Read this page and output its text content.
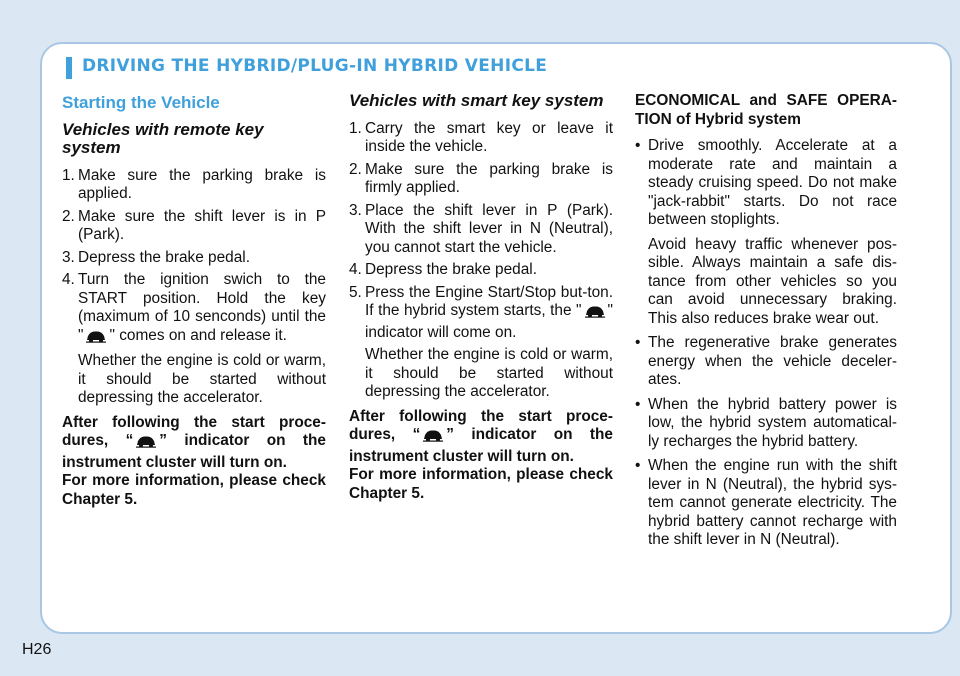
DRIVING THE HYBRID/PLUG-IN HYBRID VEHICLE
Starting the Vehicle
Vehicles with remote key system
1. Make sure the parking brake is applied.
2. Make sure the shift lever is in P (Park).
3. Depress the brake pedal.
4. Turn the ignition swich to the START position. Hold the key (maximum of 10 senconds) until the " " comes on and release it.
Whether the engine is cold or warm, it should be started without depressing the accelerator.
After following the start proce-dures, “ ” indicator on the instrument cluster will turn on.
For more information, please check Chapter 5.
Vehicles with smart key system
1. Carry the smart key or leave it inside the vehicle.
2. Make sure the parking brake is firmly applied.
3. Place the shift lever in P (Park). With the shift lever in N (Neutral), you cannot start the vehicle.
4. Depress the brake pedal.
5. Press the Engine Start/Stop but-ton. If the hybrid system starts, the " " indicator will come on.
Whether the engine is cold or warm, it should be started without depressing the accelerator.
After following the start proce-dures, “ ” indicator on the instrument cluster will turn on.
For more information, please check Chapter 5.
ECONOMICAL and SAFE OPERA-TION of Hybrid system
• Drive smoothly. Accelerate at a moderate rate and maintain a steady cruising speed. Do not make "jack-rabbit" starts. Do not race between stoplights.
Avoid heavy traffic whenever pos-sible. Always maintain a safe dis-tance from other vehicles so you can avoid unnecessary braking. This also reduces brake wear out.
• The regenerative brake generates energy when the vehicle deceler-ates.
• When the hybrid battery power is low, the hybrid system automatical-ly recharges the hybrid battery.
• When the engine run with the shift lever in N (Neutral), the hybrid sys-tem cannot generate electricity. The hybrid battery cannot recharge with the shift lever in N (Neutral).
H26
